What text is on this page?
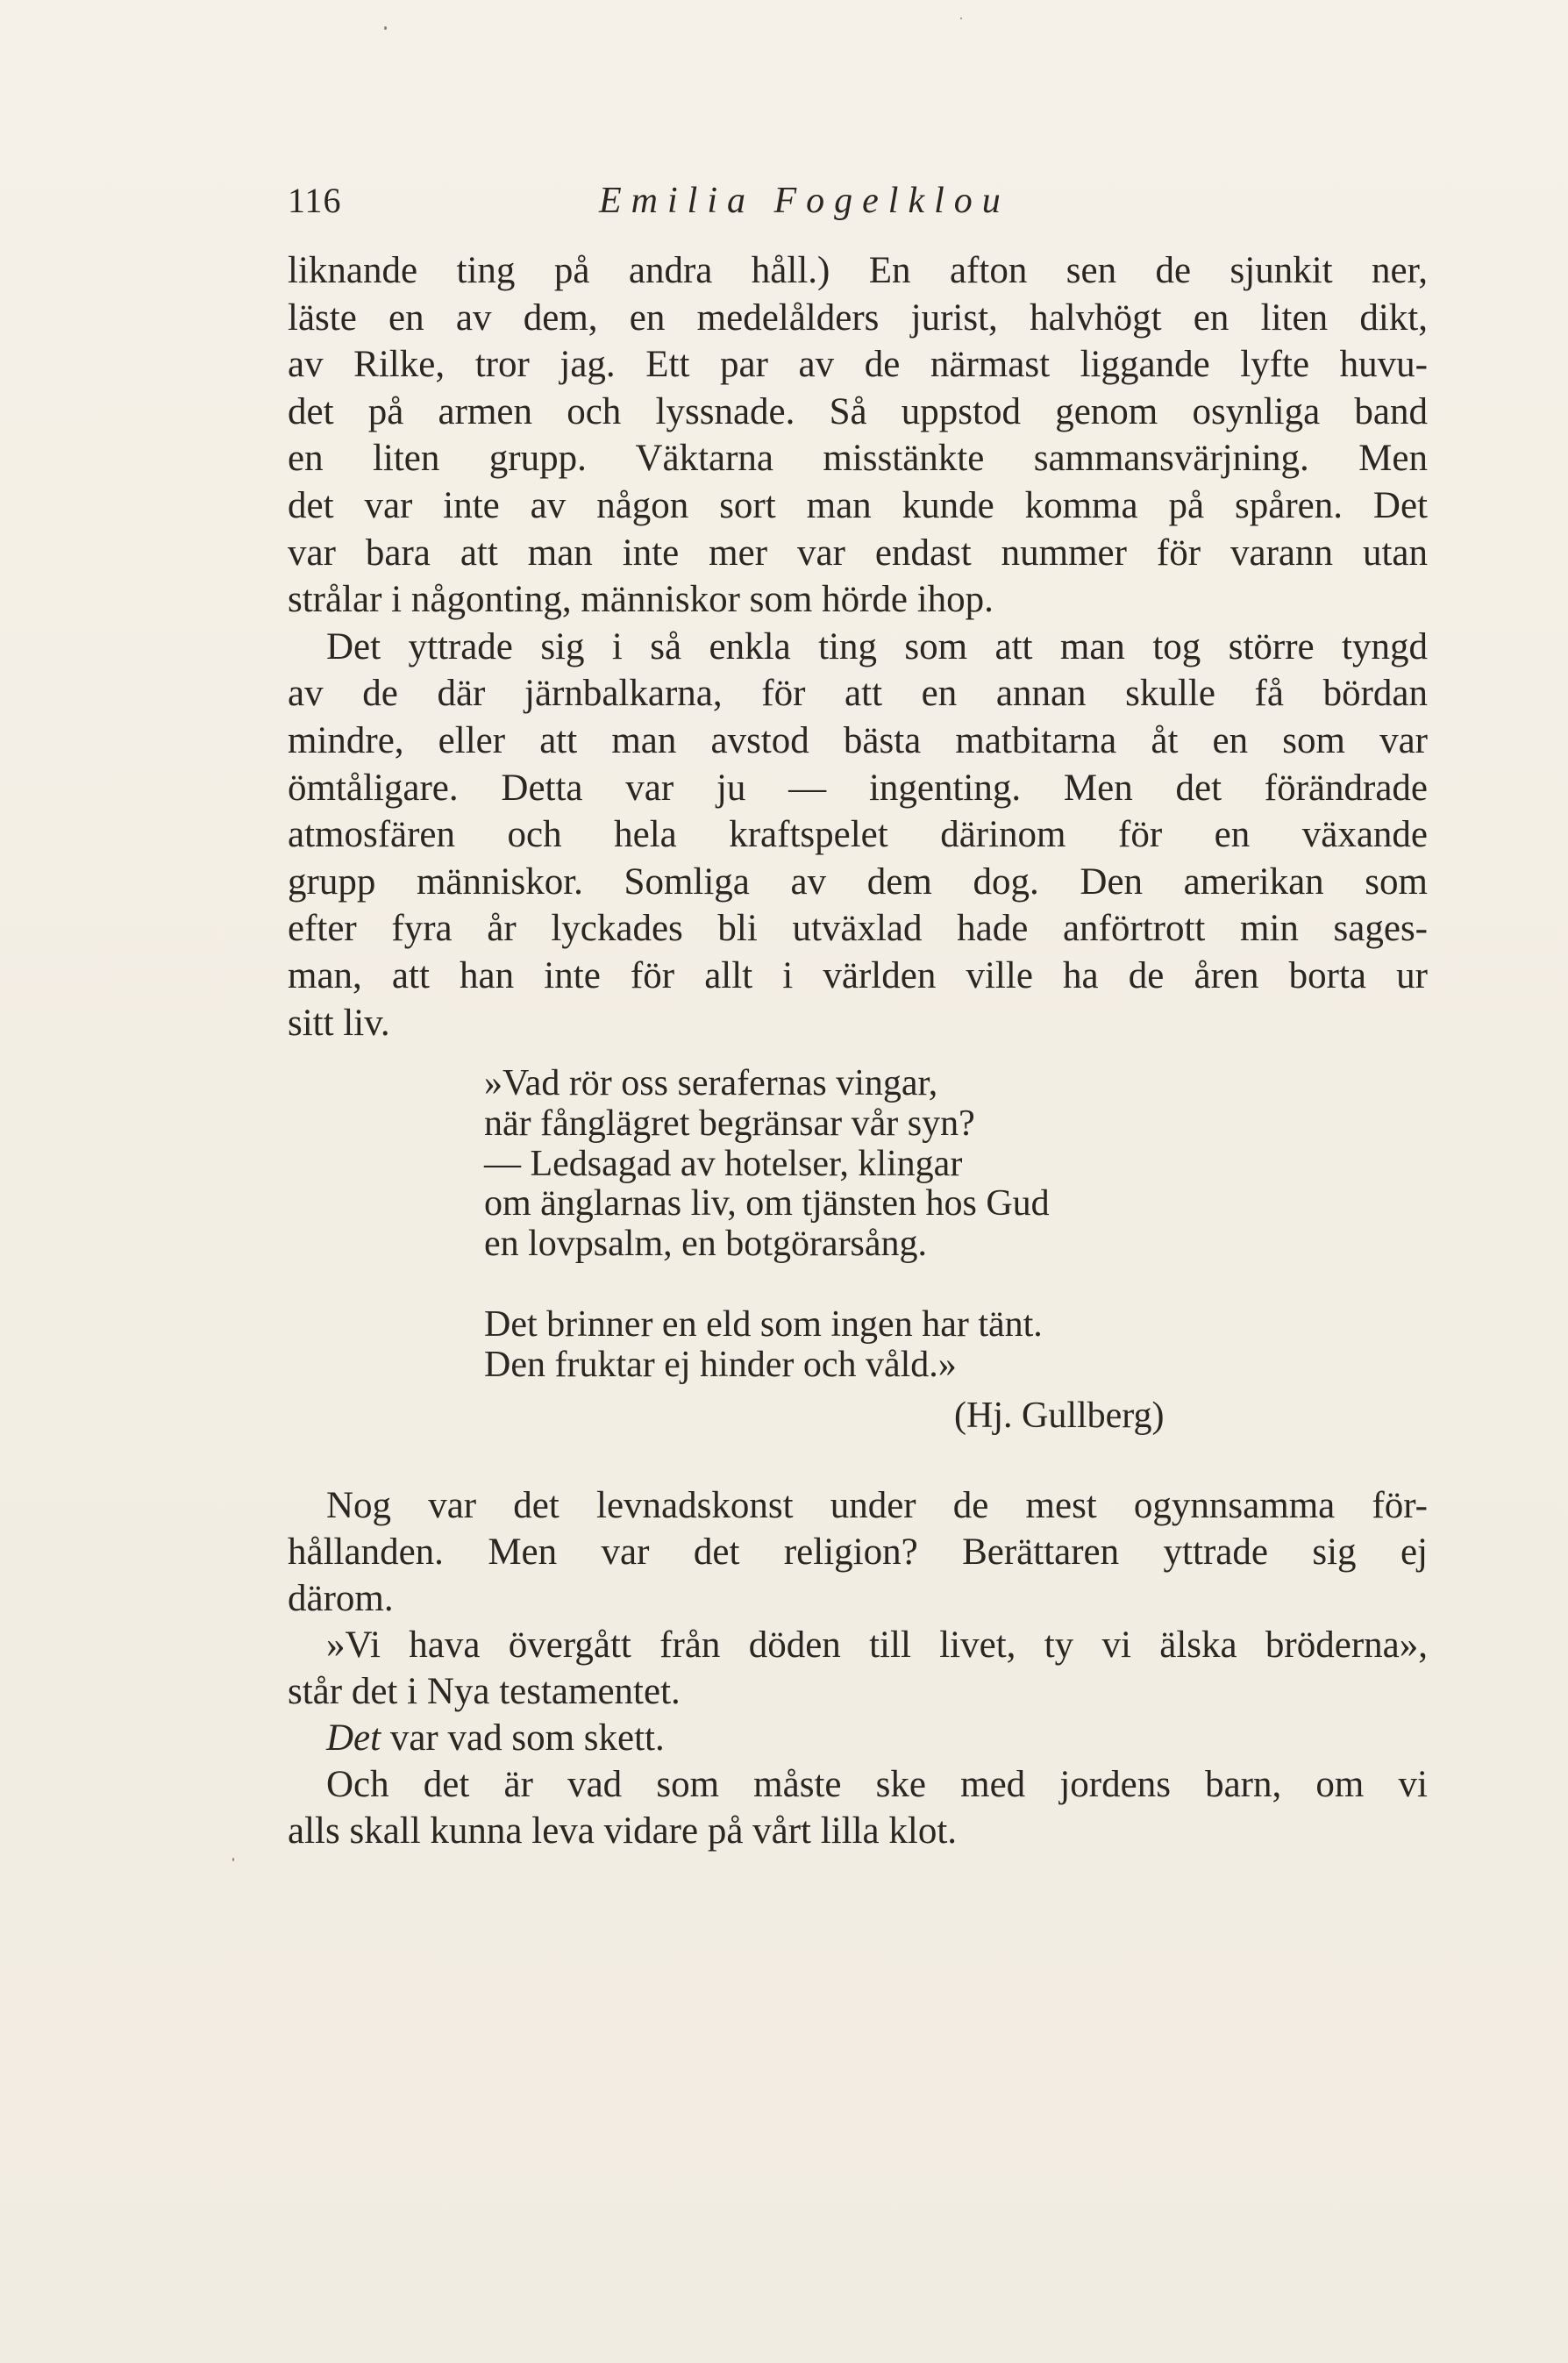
116	Emilia Fogelklou
liknande ting på andra håll.) En afton sen de sjunkit ner,
läste en av dem, en medelålders jurist, halvhögt en liten dikt,
av Rilke, tror jag. Ett par av de närmast liggande lyfte huvu-
det på armen och lyssnade. Så uppstod genom osynliga band
en liten grupp. Väktarna misstänkte sammansvärjning. Men
det var inte av någon sort man kunde komma på spåren. Det
var bara att man inte mer var endast nummer för varann utan
strålar i någonting, människor som hörde ihop.
Det yttrade sig i så enkla ting som att man tog större tyngd
av de där järnbalkarna, för att en annan skulle få bördan
mindre, eller att man avstod bästa matbitarna åt en som var
ömtåligare. Detta var ju — ingenting. Men det förändrade
atmosfären och hela kraftspelet därinom för en växande
grupp människor. Somliga av dem dog. Den amerikan som
efter fyra år lyckades bli utväxlad hade anförtrott min sages-
man, att han inte för allt i världen ville ha de åren borta ur
sitt liv.
»Vad rör oss serafernas vingar,
när fånglägret begränsar vår syn?
— Ledsagad av hotelser, klingar
om änglarnas liv, om tjänsten hos Gud
en lovpsalm, en botgörarsång.
Det brinner en eld som ingen har tänt.
Den fruktar ej hinder och våld.»
(Hj. Gullberg)
Nog var det levnadskonst under de mest ogynnsamma för-
hållanden. Men var det religion? Berättaren yttrade sig ej
därom.
»Vi hava övergått från döden till livet, ty vi älska bröderna»,
står det i Nya testamentet.
Det var vad som skett.
Och det är vad som måste ske med jordens barn, om vi
alls skall kunna leva vidare på vårt lilla klot.
